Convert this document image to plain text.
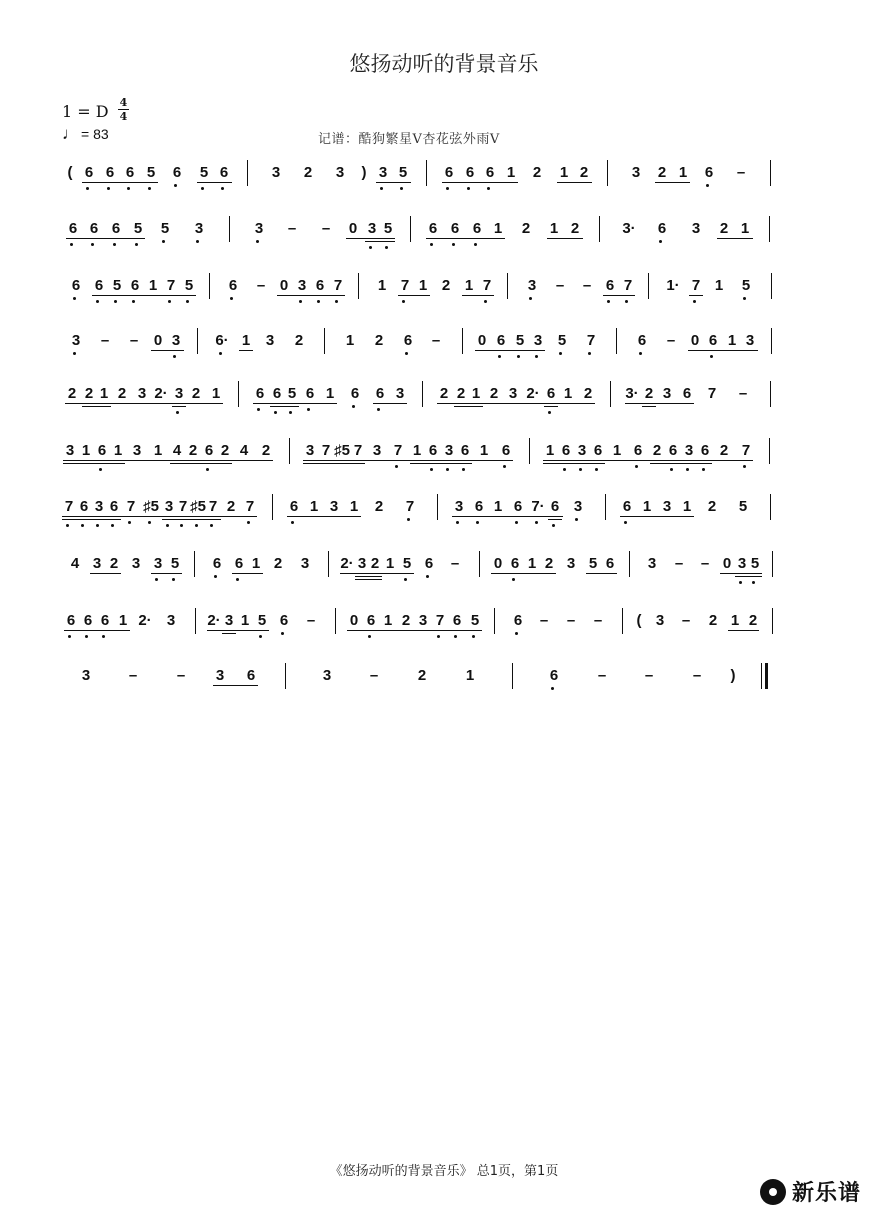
悠扬动听的背景音乐
1 = D 4
4
♩ = 83	记谱：酷狗繁星V杏花弦外雨V
( 6 6 6 5 6 5 6	3 2 3	) 3 5	6 6 6 1 2 1 2	3 2 1 6 –
6 6 6 5 5 3	3 – – 0 3 5 6 6 6 1 2 1 2	3· 6 3 2 1
6 6 5 6 1 7 5 6 – 0 3 6 7 1 7 1 2 1 7 3 – – 6 7 1· 7 1 5
3 – – 0 3 6· 1 3 2	1 2 6 –	0 6 5 3 5 7	6 – 0 6 1 3
2 2 1 2 3 2· 3 2 1 6 6 5 6 1 6 6 3 2 2 1 2 3 2· 6 1 2 3· 2 3 6 7 –
3 1 6 1 3 1 4 2 6 2 4 2 3 7 ♯5 7 3 7 1 6 3 6 1 6 1 6 3 6 1 6 2 6 3 6 2 7
7 6 3 6 7 ♯5 3 7 ♯5 7 2 7 6 1 3 1 2 7	3 6 1 6 7· 6 3	6 1 3 1 2 5
4 3 2 3 3 5 6 6 1 2 3 2· 3 2 1 5 6 – 0 6 1 2 3 5 6 3 – – 0 3 5
6 6 6 1 2· 3 2· 3 1 5 6 – 0 6 1 2 3 7 6 5 6 – – –	( 3 – 2 1 2
3	–	– 3 6	3	–	2	1	6	–	–	–	)
《悠扬动听的背景音乐》 总1页，第1页
新乐谱
